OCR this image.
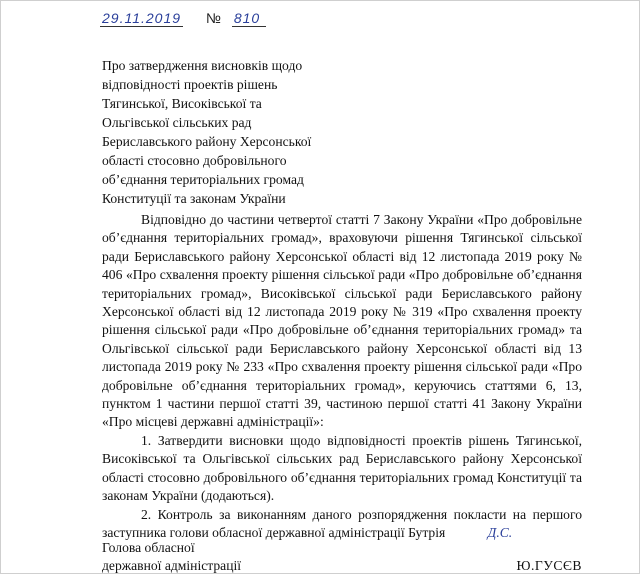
29.11.2019 № 810
Про затвердження висновків щодо
відповідності проектів рішень
Тягинської, Високівської та
Ольгівської сільських рад
Бериславського району Херсонської
області стосовно добровільного
об’єднання територіальних громад
Конституції та законам України

Відповідно до частини четвертої статті 7 Закону України «Про добровільне об’єднання територіальних громад», враховуючи рішення Тягинської сільської ради Бериславського району Херсонської області від 12 листопада 2019 року № 406 «Про схвалення проекту рішення сільської ради «Про добровільне об’єднання територіальних громад», Високівської сільської ради Бериславського району Херсонської області від 12 листопада 2019 року № 319 «Про схвалення проекту рішення сільської ради «Про добровільне об’єднання територіальних громад» та Ольгівської сільської ради Бериславського району Херсонської області від 13 листопада 2019 року № 233 «Про схвалення проекту рішення сільської ради «Про добровільне об’єднання територіальних громад», керуючись статтями 6, 13, пунктом 1 частини першої статті 39, частиною першої статті 41 Закону України «Про місцеві державні адміністрації»:

1. Затвердити висновки щодо відповідності проектів рішень Тягинської, Високівської та Ольгівської сільських рад Бериславського району Херсонської області стосовно добровільного об’єднання територіальних громад Конституції та законам України (додаються).

2. Контроль за виконанням даного розпорядження покласти на першого заступника голови обласної державної адміністрації Бутрія	Д.С.

Голова обласної
державної адміністрації	Ю.ГУСЄВ
